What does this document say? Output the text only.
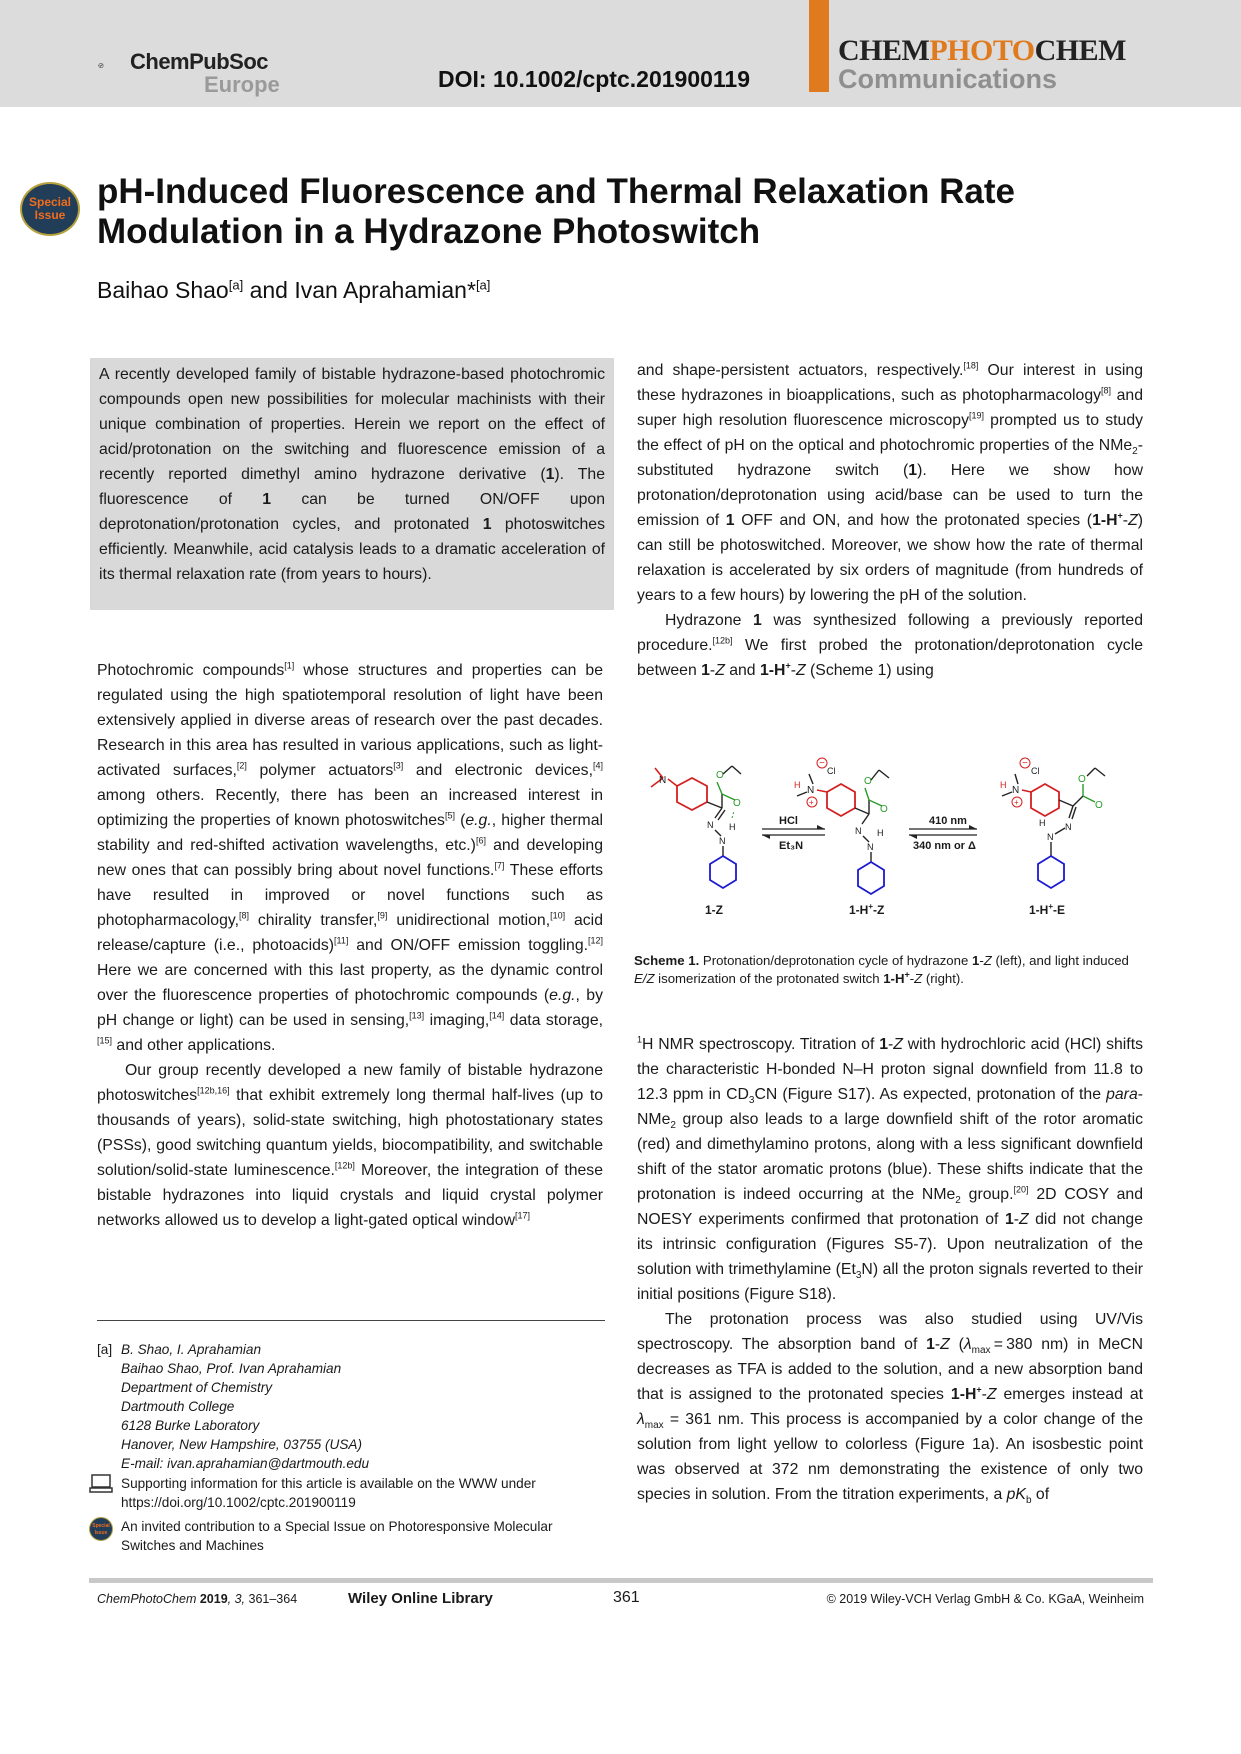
ChemPubSoc
Europe	DOI: 10.1002/cptc.201900119
CHEMPHOTOCHEM
Communications
Special
Issue
pH-Induced Fluorescence and Thermal Relaxation Rate Modulation in a Hydrazone Photoswitch
Baihao Shao[a] and Ivan Aprahamian*[a]

A recently developed family of bistable hydrazone-based photochromic compounds open new possibilities for molecular machinists with their unique combination of properties. Herein we report on the effect of acid/protonation on the switching and fluorescence emission of a recently reported dimethyl amino hydrazone derivative (1). The fluorescence of 1 can be turned ON/OFF upon deprotonation/protonation cycles, and protonated 1 photoswitches efficiently. Meanwhile, acid catalysis leads to a dramatic acceleration of its thermal relaxation rate (from years to hours).

Photochromic compounds[1] whose structures and properties can be regulated using the high spatiotemporal resolution of light have been extensively applied in diverse areas of research over the past decades. Research in this area has resulted in various applications, such as light-activated surfaces,[2] polymer actuators[3] and electronic devices,[4] among others. Recently, there has been an increased interest in optimizing the properties of known photoswitches[5] (e.g., higher thermal stability and red-shifted activation wavelengths, etc.)[6] and developing new ones that can possibly bring about novel functions.[7] These efforts have resulted in improved or novel functions such as photopharmacology,[8] chirality transfer,[9] unidirectional motion,[10] acid release/capture (i.e., photoacids)[11] and ON/OFF emission toggling.[12] Here we are concerned with this last property, as the dynamic control over the fluorescence properties of photochromic compounds (e.g., by pH change or light) can be used in sensing,[13] imaging,[14] data storage,[15] and other applications.

Our group recently developed a new family of bistable hydrazone photoswitches[12b,16] that exhibit extremely long thermal half-lives (up to thousands of years), solid-state switching, high photostationary states (PSSs), good switching quantum yields, biocompatibility, and switchable solution/solid-state luminescence.[12b] Moreover, the integration of these bistable hydrazones into liquid crystals and liquid crystal polymer networks allowed us to develop a light-gated optical window[17]

and shape-persistent actuators, respectively.[18] Our interest in using these hydrazones in bioapplications, such as photopharmacology[8] and super high resolution fluorescence microscopy[19] prompted us to study the effect of pH on the optical and photochromic properties of the NMe$_2$-substituted hydrazone switch (1). Here we show how protonation/deprotonation using acid/base can be used to turn the emission of 1 OFF and ON, and how the protonated species (1-H+-Z) can still be photoswitched. Moreover, we show how the rate of thermal relaxation is accelerated by six orders of magnitude (from hundreds of years to a few hours) by lowering the pH of the solution.

Hydrazone 1 was synthesized following a previously reported procedure.[12b] We first probed the protonation/deprotonation cycle between 1-Z and 1-H+-Z (Scheme 1) using

N	O
O
N
N
H
1-Z
HCl
Et₃N
−
Cl
H N
+
O
O
N
N
H
1-H+-Z
410 nm
340 nm or Δ
−
Cl
H N
+
O
O
N
H
N
1-H+-E
Scheme 1. Protonation/deprotonation cycle of hydrazone 1-Z (left), and light induced E/Z isomerization of the protonated switch 1-H+-Z (right).

$^1$H NMR spectroscopy. Titration of 1-Z with hydrochloric acid (HCl) shifts the characteristic H-bonded N–H proton signal downfield from 11.8 to 12.3 ppm in $CD_3CN$ (Figure S17). As expected, protonation of the para-NMe$_2$ group also leads to a large downfield shift of the rotor aromatic (red) and dimethylamino protons, along with a less significant downfield shift of the stator aromatic protons (blue). These shifts indicate that the protonation is indeed occurring at the NMe$_2$ group.[20] 2D COSY and NOESY experiments confirmed that protonation of 1-Z did not change its intrinsic configuration (Figures S5-7). Upon neutralization of the solution with trimethylamine $(Et_3N)$ all the proton signals reverted to their initial positions (Figure S18).

The protonation process was also studied using UV/Vis spectroscopy. The absorption band of 1-Z ($\lambda_{max} = 380$ nm) in MeCN decreases as TFA is added to the solution, and a new absorption band that is assigned to the protonated species 1-H+-Z emerges instead at $\lambda_{max} = 361$ nm. This process is accompanied by a color change of the solution from light yellow to colorless (Figure 1a). An isosbestic point was observed at 372 nm demonstrating the existence of only two species in solution. From the titration experiments, a $pK_b$ of

[a] B. Shao, I. Aprahamian
Baihao Shao, Prof. Ivan Aprahamian
Department of Chemistry
Dartmouth College
6128 Burke Laboratory
Hanover, New Hampshire, 03755 (USA)
E-mail: ivan.aprahamian@dartmouth.edu
Supporting information for this article is available on the WWW under https://doi.org/10.1002/cptc.201900119
Special
Issue	An invited contribution to a Special Issue on Photoresponsive Molecular Switches and Machines
ChemPhotoChem 2019, 3, 361–364	Wiley Online Library	361	© 2019 Wiley-VCH Verlag GmbH & Co. KGaA, Weinheim
